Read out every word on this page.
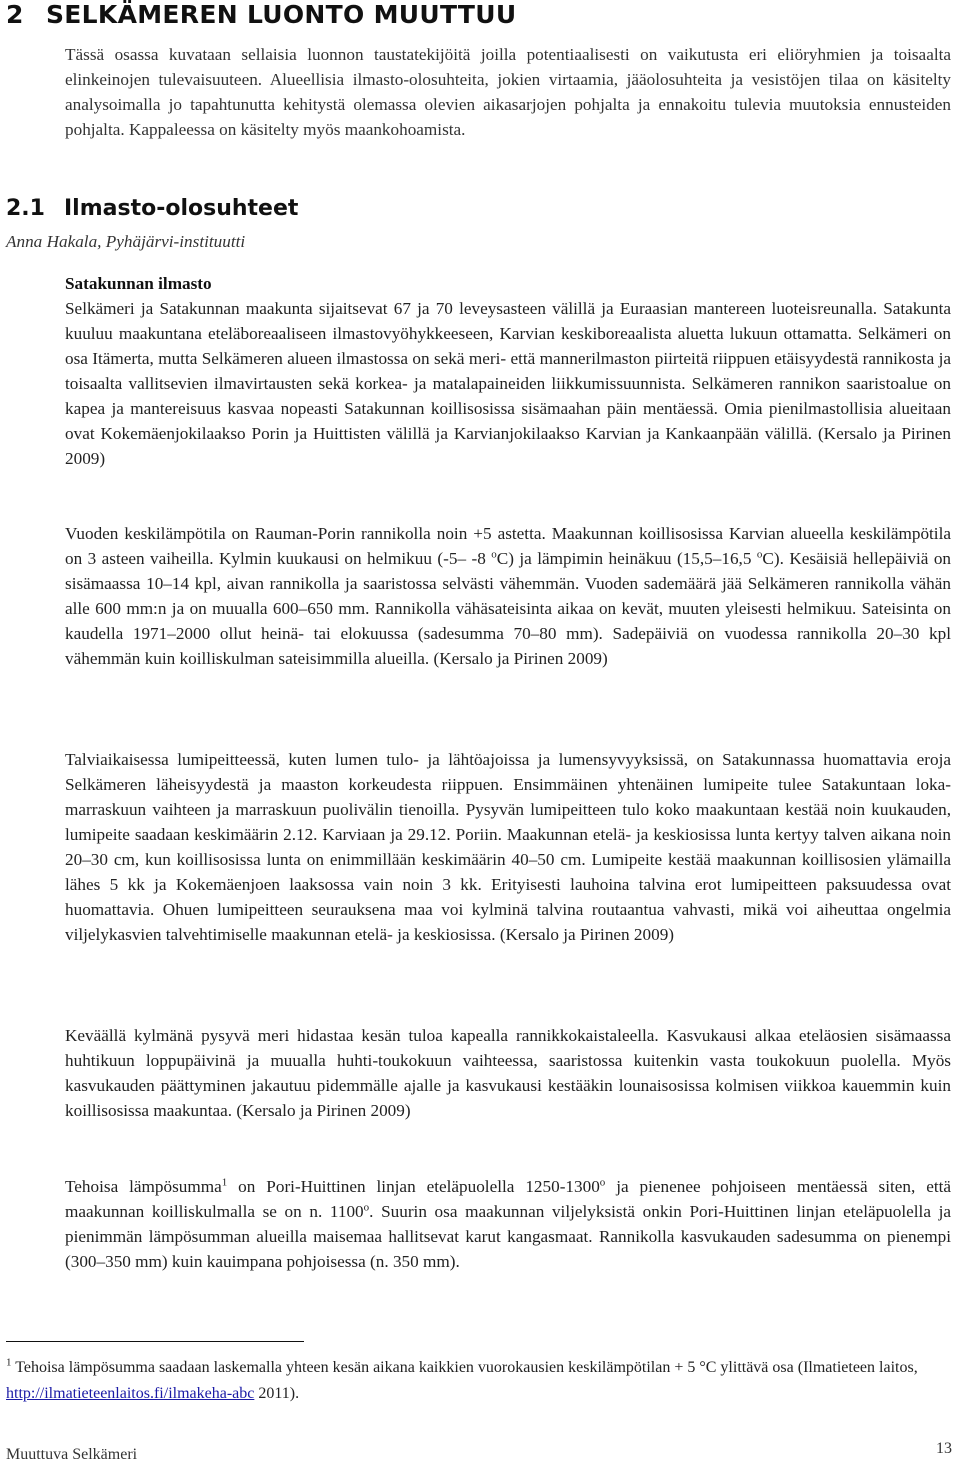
2 SELKÄMEREN LUONTO MUUTTUU

Tässä osassa kuvataan sellaisia luonnon taustatekijöitä joilla potentiaalisesti on vaikutusta eri eliöryhmien ja toisaalta elinkeinojen tulevaisuuteen. Alueellisia ilmasto-olosuhteita, jokien virtaamia, jääolosuhteita ja vesistöjen tilaa on käsitelty analysoimalla jo tapahtunutta kehitystä olemassa olevien aikasarjojen pohjalta ja ennakoitu tulevia muutoksia ennusteiden pohjalta. Kappaleessa on käsitelty myös maankohoamista.

2.1 Ilmasto-olosuhteet

Anna Hakala, Pyhäjärvi-instituutti

Satakunnan ilmasto

Selkämeri ja Satakunnan maakunta sijaitsevat 67 ja 70 leveysasteen välillä ja Euraasian mantereen luoteisreunalla. Satakunta kuuluu maakuntana eteläboreaaliseen ilmastovyöhykkeeseen, Karvian keskiboreaalista aluetta lukuun ottamatta. Selkämeri on osa Itämerta, mutta Selkämeren alueen ilmastossa on sekä meri- että mannerilmaston piirteitä riippuen etäisyydestä rannikosta ja toisaalta vallitsevien ilmavirtausten sekä korkea- ja matalapaineiden liikkumissuunnista. Selkämeren rannikon saaristoalue on kapea ja mantereisuus kasvaa nopeasti Satakunnan koillisosissa sisämaahan päin mentäessä. Omia pienilmastollisia alueitaan ovat Kokemäenjokilaakso Porin ja Huittisten välillä ja Karvianjokilaakso Karvian ja Kankaanpään välillä. (Kersalo ja Pirinen 2009)

Vuoden keskilämpötila on Rauman-Porin rannikolla noin +5 astetta. Maakunnan koillisosissa Karvian alueella keskilämpötila on 3 asteen vaiheilla. Kylmin kuukausi on helmikuu (-5– -8 $^o$C) ja lämpimin heinäkuu (15,5–16,5 $^o$C). Kesäisiä hellepäiviä on sisämaassa 10–14 kpl, aivan rannikolla ja saaristossa selvästi vähemmän. Vuoden sademäärä jää Selkämeren rannikolla vähän alle 600 mm:n ja on muualla 600–650 mm. Rannikolla vähäsateisinta aikaa on kevät, muuten yleisesti helmikuu. Sateisinta on kaudella 1971–2000 ollut heinä- tai elokuussa (sadesumma 70–80 mm). Sadepäiviä on vuodessa rannikolla 20–30 kpl vähemmän kuin koilliskulman sateisimmilla alueilla. (Kersalo ja Pirinen 2009)

Talviaikaisessa lumipeitteessä, kuten lumen tulo- ja lähtöajoissa ja lumensyvyyksissä, on Satakunnassa huomattavia eroja Selkämeren läheisyydestä ja maaston korkeudesta riippuen. Ensimmäinen yhtenäinen lumipeite tulee Satakuntaan loka-marraskuun vaihteen ja marraskuun puolivälin tienoilla. Pysyvän lumipeitteen tulo koko maakuntaan kestää noin kuukauden, lumipeite saadaan keskimäärin 2.12. Karviaan ja 29.12. Poriin. Maakunnan etelä- ja keskiosissa lunta kertyy talven aikana noin 20–30 cm, kun koillisosissa lunta on enimmillään keskimäärin 40–50 cm. Lumipeite kestää maakunnan koillisosien ylämailla lähes 5 kk ja Kokemäenjoen laaksossa vain noin 3 kk. Erityisesti lauhoina talvina erot lumipeitteen paksuudessa ovat huomattavia. Ohuen lumipeitteen seurauksena maa voi kylminä talvina routaantua vahvasti, mikä voi aiheuttaa ongelmia viljelykasvien talvehtimiselle maakunnan etelä- ja keskiosissa. (Kersalo ja Pirinen 2009)

Keväällä kylmänä pysyvä meri hidastaa kesän tuloa kapealla rannikkokaistaleella. Kasvukausi alkaa eteläosien sisämaassa huhtikuun loppupäivinä ja muualla huhti-toukokuun vaihteessa, saaristossa kuitenkin vasta toukokuun puolella. Myös kasvukauden päättyminen jakautuu pidemmälle ajalle ja kasvukausi kestääkin lounaisosissa kolmisen viikkoa kauemmin kuin koillisosissa maakuntaa. (Kersalo ja Pirinen 2009)

Tehoisa lämpösumma$^1$ on Pori-Huittinen linjan eteläpuolella 1250-1300$^o$ ja pienenee pohjoiseen mentäessä siten, että maakunnan koilliskulmalla se on n. 1100$^o$. Suurin osa maakunnan viljelyksistä onkin Pori-Huittinen linjan eteläpuolella ja pienimmän lämpösumman alueilla maisemaa hallitsevat karut kangasmaat. Rannikolla kasvukauden sadesumma on pienempi (300–350 mm) kuin kauimpana pohjoisessa (n. 350 mm).

$^1$ Tehoisa lämpösumma saadaan laskemalla yhteen kesän aikana kaikkien vuorokausien keskilämpötilan + 5 °C ylittävä osa (Ilmatieteen laitos, http://ilmatieteenlaitos.fi/ilmakeha-abc 2011).

Muuttuva Selkämeri	13
